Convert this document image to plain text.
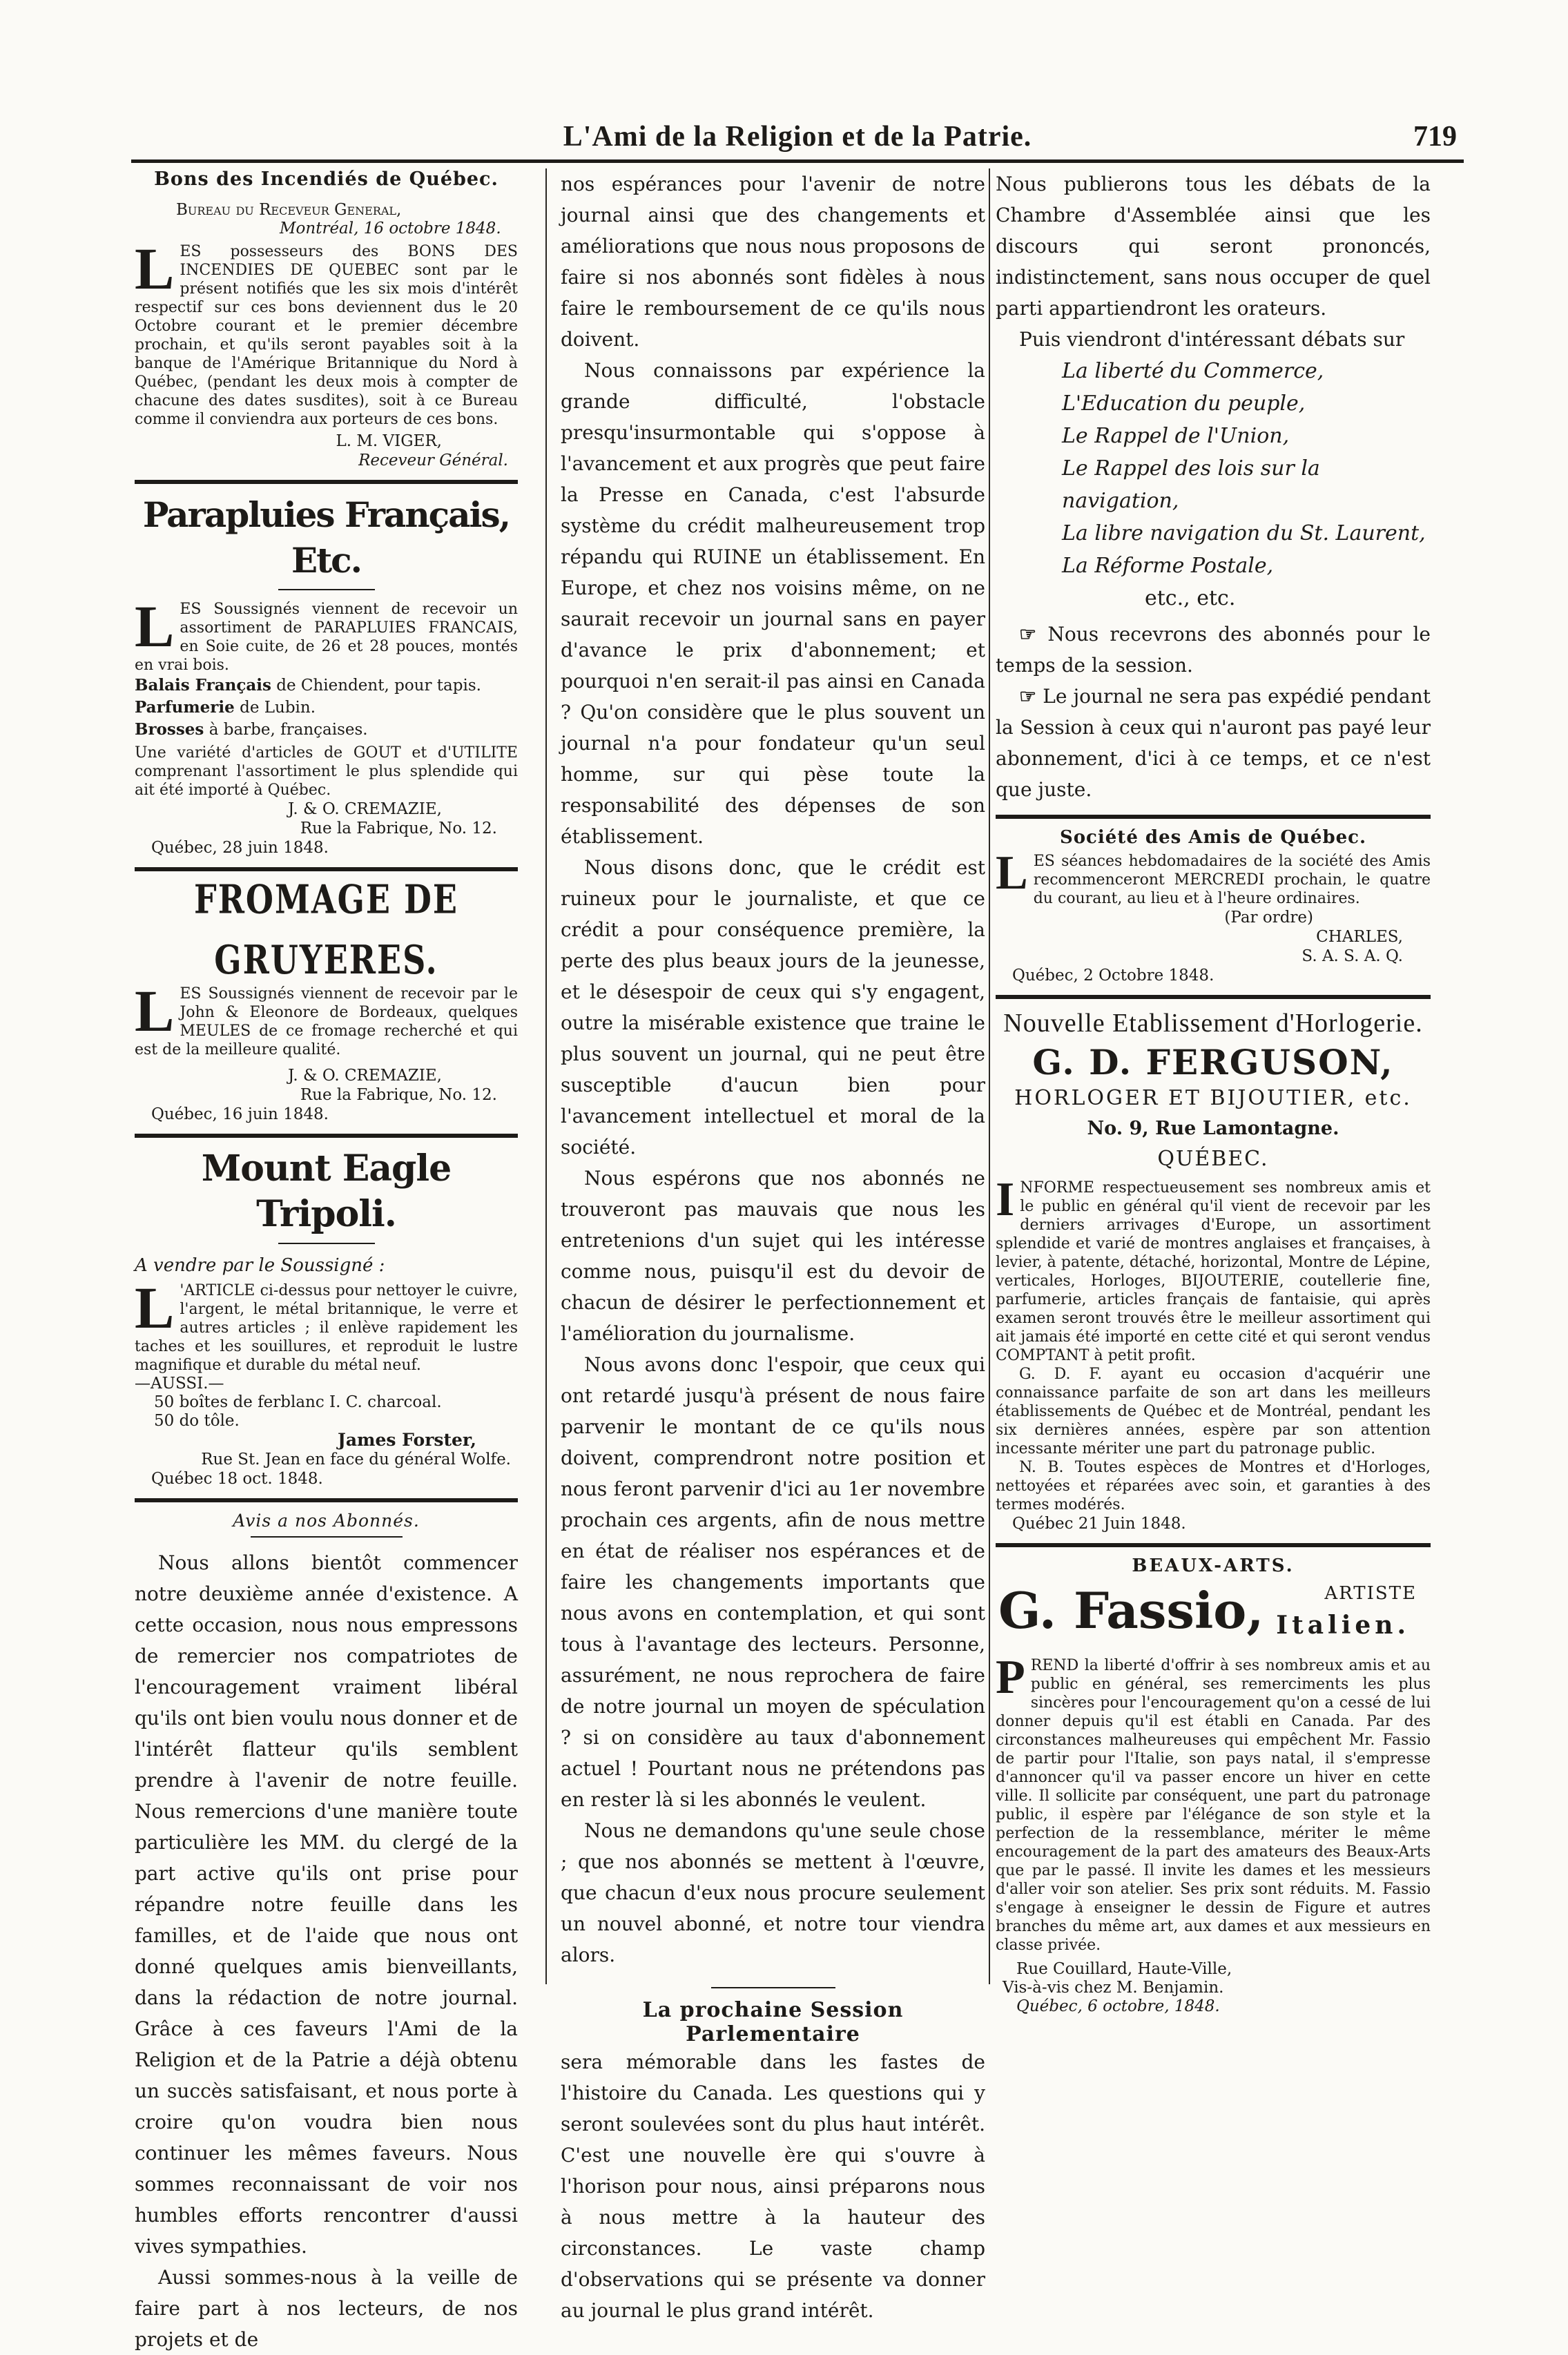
L'Ami de la Religion et de la Patrie.	719
Bons des Incendiés de Québec.
Bureau du Receveur General,
Montréal, 16 octobre 1848.
LES possesseurs des BONS DES INCENDIES DE QUEBEC sont par le présent notifiés que les six mois d'intérêt respectif sur ces bons deviennent dus le 20 Octobre courant et le premier décembre prochain, et qu'ils seront payables soit à la banque de l'Amérique Britannique du Nord à Québec, (pendant les deux mois à compter de chacune des dates susdites), soit à ce Bureau comme il conviendra aux porteurs de ces bons.
L. M. VIGER,
Receveur Général.
Parapluies Français, Etc.
LES Soussignés viennent de recevoir un assortiment de PARAPLUIES FRANCAIS, en Soie cuite, de 26 et 28 pouces, montés en vrai bois.
Balais Français de Chiendent, pour tapis.
Parfumerie de Lubin.
Brosses à barbe, françaises.
Une variété d'articles de GOUT et d'UTILITE comprenant l'assortiment le plus splendide qui ait été importé à Québec.
J. & O. CREMAZIE,
Rue la Fabrique, No. 12.
Québec, 28 juin 1848.
FROMAGE DE GRUYERES.
LES Soussignés viennent de recevoir par le John & Eleonore de Bordeaux, quelques MEULES de ce fromage recherché et qui est de la meilleure qualité.
J. & O. CREMAZIE,
Rue la Fabrique, No. 12.
Québec, 16 juin 1848.
Mount Eagle Tripoli.
A vendre par le Soussigné :
L 'ARTICLE ci-dessus pour nettoyer le cuivre, l'argent, le métal britannique, le verre et autres articles ; il enlève rapidement les taches et les souillures, et reproduit le lustre magnifique et durable du métal neuf.
—AUSSI.—
50 boîtes de ferblanc I. C. charcoal.
50 do tôle.
James Forster,
Rue St. Jean en face du général Wolfe.
Québec 18 oct. 1848.
Avis a nos Abonnés.

Nous allons bientôt commencer notre deuxième année d'existence. A cette occasion, nous nous empressons de remercier nos compatriotes de l'encouragement vraiment libéral qu'ils ont bien voulu nous donner et de l'intérêt flatteur qu'ils semblent prendre à l'avenir de notre feuille. Nous remercions d'une manière toute particulière les MM. du clergé de la part active qu'ils ont prise pour répandre notre feuille dans les familles, et de l'aide que nous ont donné quelques amis bienveillants, dans la rédaction de notre journal. Grâce à ces faveurs l'Ami de la Religion et de la Patrie a déjà obtenu un succès satisfaisant, et nous porte à croire qu'on voudra bien nous continuer les mêmes faveurs. Nous sommes reconnaissant de voir nos humbles efforts rencontrer d'aussi vives sympathies.

Aussi sommes-nous à la veille de faire part à nos lecteurs, de nos projets et de

nos espérances pour l'avenir de notre journal ainsi que des changements et améliorations que nous nous proposons de faire si nos abonnés sont fidèles à nous faire le remboursement de ce qu'ils nous doivent.

Nous connaissons par expérience la grande difficulté, l'obstacle presqu'insurmontable qui s'oppose à l'avancement et aux progrès que peut faire la Presse en Canada, c'est l'absurde système du crédit malheureusement trop répandu qui RUINE un établissement. En Europe, et chez nos voisins même, on ne saurait recevoir un journal sans en payer d'avance le prix d'abonnement; et pourquoi n'en serait-il pas ainsi en Canada ? Qu'on considère que le plus souvent un journal n'a pour fondateur qu'un seul homme, sur qui pèse toute la responsabilité des dépenses de son établissement.

Nous disons donc, que le crédit est ruineux pour le journaliste, et que ce crédit a pour conséquence première, la perte des plus beaux jours de la jeunesse, et le désespoir de ceux qui s'y engagent, outre la misérable existence que traine le plus souvent un journal, qui ne peut être susceptible d'aucun bien pour l'avancement intellectuel et moral de la société.

Nous espérons que nos abonnés ne trouveront pas mauvais que nous les entretenions d'un sujet qui les intéresse comme nous, puisqu'il est du devoir de chacun de désirer le perfectionnement et l'amélioration du journalisme.

Nous avons donc l'espoir, que ceux qui ont retardé jusqu'à présent de nous faire parvenir le montant de ce qu'ils nous doivent, comprendront notre position et nous feront parvenir d'ici au 1er novembre prochain ces argents, afin de nous mettre en état de réaliser nos espérances et de faire les changements importants que nous avons en contemplation, et qui sont tous à l'avantage des lecteurs. Personne, assurément, ne nous reprochera de faire de notre journal un moyen de spéculation ? si on considère au taux d'abonnement actuel ! Pourtant nous ne prétendons pas en rester là si les abonnés le veulent.

Nous ne demandons qu'une seule chose ; que nos abonnés se mettent à l'œuvre, que chacun d'eux nous procure seulement un nouvel abonné, et notre tour viendra alors.

La prochaine Session Parlementaire

sera mémorable dans les fastes de l'histoire du Canada. Les questions qui y seront soulevées sont du plus haut intérêt. C'est une nouvelle ère qui s'ouvre à l'horison pour nous, ainsi préparons nous à nous mettre à la hauteur des circonstances. Le vaste champ d'observations qui se présente va donner au journal le plus grand intérêt.

Nous publierons tous les débats de la Chambre d'Assemblée ainsi que les discours qui seront prononcés, indistinctement, sans nous occuper de quel parti appartiendront les orateurs.

Puis viendront d'intéressant débats sur

La liberté du Commerce,
L'Education du peuple,
Le Rappel de l'Union,
Le Rappel des lois sur la navigation,
La libre navigation du St. Laurent,
La Réforme Postale,
etc., etc.

☞ Nous recevrons des abonnés pour le temps de la session.

☞ Le journal ne sera pas expédié pendant la Session à ceux qui n'auront pas payé leur abonnement, d'ici à ce temps, et ce n'est que juste.

Société des Amis de Québec.
LES séances hebdomadaires de la société des Amis recommenceront MERCREDI prochain, le quatre du courant, au lieu et à l'heure ordinaires.
(Par ordre)
CHARLES,
S. A. S. A. Q.
Québec, 2 Octobre 1848.
Nouvelle Etablissement d'Horlogerie.
G. D. FERGUSON,
HORLOGER ET BIJOUTIER, etc.
No. 9, Rue Lamontagne.
QUÉBEC.
INFORME respectueusement ses nombreux amis et le public en général qu'il vient de recevoir par les derniers arrivages d'Europe, un assortiment splendide et varié de montres anglaises et françaises, à levier, à patente, détaché, horizontal, Montre de Lépine, verticales, Horloges, BIJOUTERIE, coutellerie fine, parfumerie, articles français de fantaisie, qui après examen seront trouvés être le meilleur assortiment qui ait jamais été importé en cette cité et qui seront vendus COMPTANT à petit profit.
G. D. F. ayant eu occasion d'acquérir une connaissance parfaite de son art dans les meilleurs établissements de Québec et de Montréal, pendant les six dernières années, espère par son attention incessante mériter une part du patronage public.
N. B. Toutes espèces de Montres et d'Horloges, nettoyées et réparées avec soin, et garanties à des termes modérés.
Québec 21 Juin 1848.
BEAUX-ARTS.
G. Fassio,	ARTISTE
Italien.
PREND la liberté d'offrir à ses nombreux amis et au public en général, ses remerciments les plus sincères pour l'encouragement qu'on a cessé de lui donner depuis qu'il est établi en Canada. Par des circonstances malheureuses qui empêchent Mr. Fassio de partir pour l'Italie, son pays natal, il s'empresse d'annoncer qu'il va passer encore un hiver en cette ville. Il sollicite par conséquent, une part du patronage public, il espère par l'élégance de son style et la perfection de la ressemblance, mériter le même encouragement de la part des amateurs des Beaux-Arts que par le passé. Il invite les dames et les messieurs d'aller voir son atelier. Ses prix sont réduits. M. Fassio s'engage à enseigner le dessin de Figure et autres branches du même art, aux dames et aux messieurs en classe privée.
Rue Couillard, Haute-Ville,
Vis-à-vis chez M. Benjamin.
Québec, 6 octobre, 1848.
